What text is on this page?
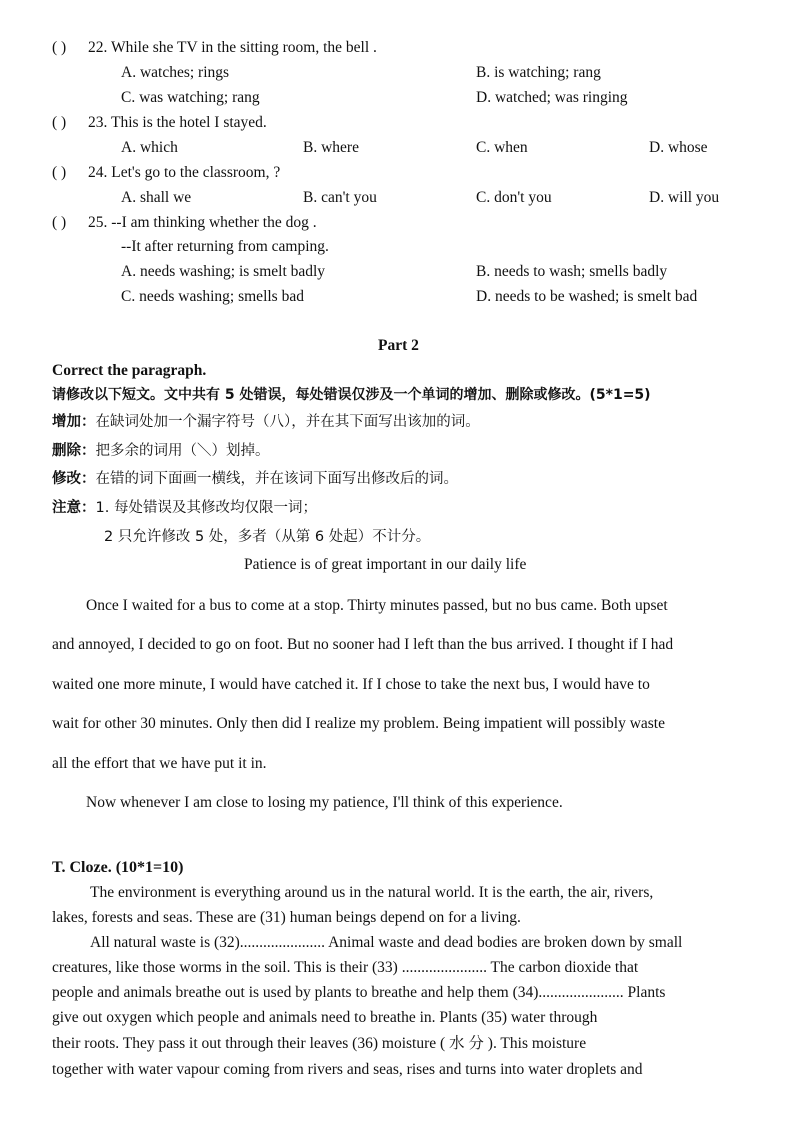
( ) 22. While she TV in the sitting room, the bell .
A. watches; rings	B. is watching; rang
C. was watching; rang	D. watched; was ringing
( ) 23. This is the hotel I stayed.
A. which	B. where	C. when	D. whose
( ) 24. Let's go to the classroom, ?
A. shall we	B. can't you	C. don't you	D. will you
( ) 25. --I am thinking whether the dog .
--It after returning from camping.
A. needs washing; is smelt badly	B. needs to wash; smells badly
C. needs washing; smells bad	D. needs to be washed; is smelt bad
Part 2
Correct the paragraph.
请修改以下短文。文中共有 5 处错误，每处错误仅涉及一个单词的增加、删除或修改。(5*1=5)
增加：在缺词处加一个漏字符号（八），并在其下面写出该加的词。
删除：把多余的词用（＼）划掉。
修改：在错的词下面画一横线，并在该词下面写出修改后的词。
注意：1. 每处错误及其修改均仅限一词；
2 只允许修改 5 处，多者（从第 6 处起）不计分。
Patience is of great important in our daily life
Once I waited for a bus to come at a stop. Thirty minutes passed, but no bus came. Both upset
and annoyed, I decided to go on foot. But no sooner had I left than the bus arrived. I thought if I had
waited one more minute, I would have catched it. If I chose to take the next bus, I would have to
wait for other 30 minutes. Only then did I realize my problem. Being impatient will possibly waste
all the effort that we have put it in.
Now whenever I am close to losing my patience, I'll think of this experience.
T. Cloze. (10*1=10)
The environment is everything around us in the natural world. It is the earth, the air, rivers,
lakes, forests and seas. These are (31) human beings depend on for a living.
All natural waste is (32)...................... Animal waste and dead bodies are broken down by small
creatures, like those worms in the soil. This is their (33) ...................... The carbon dioxide that
people and animals breathe out is used by plants to breathe and help them (34)...................... Plants
give out oxygen which people and animals need to breathe in. Plants (35) water through
their roots. They pass it out through their leaves (36) moisture ( 水 分 ). This moisture
together with water vapour coming from rivers and seas, rises and turns into water droplets and
